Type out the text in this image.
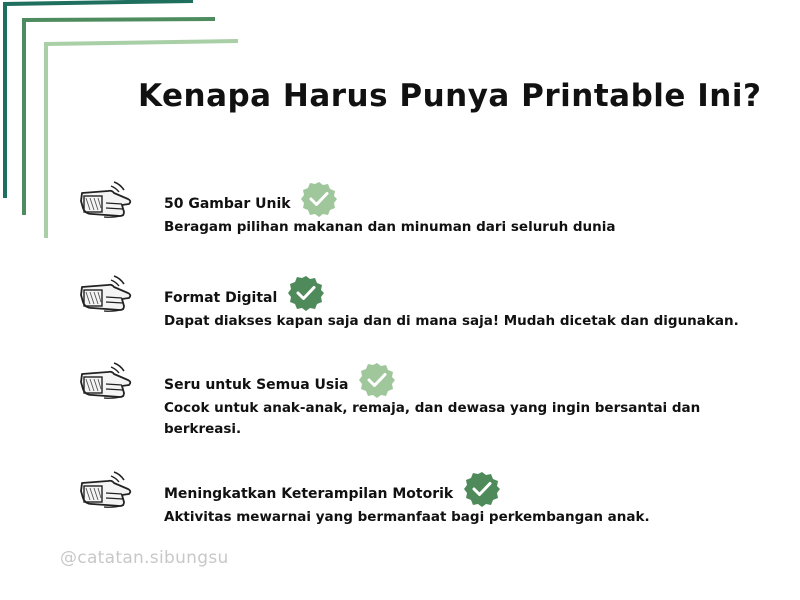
Kenapa Harus Punya Printable Ini?
50 Gambar Unik
Beragam pilihan makanan dan minuman dari seluruh dunia
Format Digital
Dapat diakses kapan saja dan di mana saja! Mudah dicetak dan digunakan.
Seru untuk Semua Usia
Cocok untuk anak-anak, remaja, dan dewasa yang ingin bersantai dan berkreasi.
Meningkatkan Keterampilan Motorik
Aktivitas mewarnai yang bermanfaat bagi perkembangan anak.
@catatan.sibungsu
